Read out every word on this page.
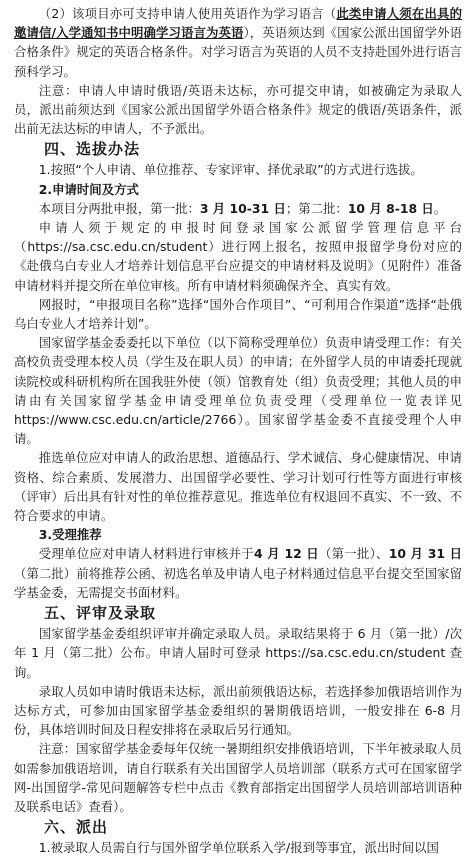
（2）该项目亦可支持申请人使用英语作为学习语言（此类申请人须在出具的邀请信/入学通知书中明确学习语言为英语），英语须达到《国家公派出国留学外语合格条件》规定的英语合格条件。对学习语言为英语的人员不支持赴国外进行语言预科学习。

注意：申请人申请时俄语/英语未达标，亦可提交申请，如被确定为录取人员，派出前须达到《国家公派出国留学外语合格条件》规定的俄语/英语条件，派出前无法达标的申请人，不予派出。

四、选拔办法

1.按照“个人申请、单位推荐、专家评审、择优录取”的方式进行选拔。

2.申请时间及方式

本项目分两批申报，第一批：3 月 10-31 日；第二批：10 月 8-18 日。

申请人须于规定的申报时间登录国家公派留学管理信息平台（https://sa.csc.edu.cn/student）进行网上报名，按照申报留学身份对应的《赴俄乌白专业人才培养计划信息平台应提交的申请材料及说明》（见附件）准备申请材料并提交所在单位审核。所有申请材料须确保齐全、真实有效。

网报时，“申报项目名称”选择“国外合作项目”、“可利用合作渠道”选择“赴俄乌白专业人才培养计划”。

国家留学基金委委托以下单位（以下简称受理单位）负责申请受理工作：有关高校负责受理本校人员（学生及在职人员）的申请；在外留学人员的申请委托现就读院校或科研机构所在国我驻外使（领）馆教育处（组）负责受理；其他人员的申请由有关国家留学基金申请受理单位负责受理（受理单位一览表详见https://www.csc.edu.cn/article/2766）。国家留学基金委不直接受理个人申请。

推选单位应对申请人的政治思想、道德品行、学术诚信、身心健康情况、申请资格、综合素质、发展潜力、出国留学必要性、学习计划可行性等方面进行审核（评审）后出具有针对性的单位推荐意见。推选单位有权退回不真实、不一致、不符合要求的申请。

3.受理推荐

受理单位应对申请人材料进行审核并于4 月 12 日（第一批）、10 月 31 日（第二批）前将推荐公函、初选名单及申请人电子材料通过信息平台提交至国家留学基金委，无需提交书面材料。

五、评审及录取

国家留学基金委组织评审并确定录取人员。录取结果将于 6 月（第一批）/次年 1 月（第二批）公布。申请人届时可登录 https://sa.csc.edu.cn/student 查询。

录取人员如申请时俄语未达标，派出前须俄语达标，若选择参加俄语培训作为达标方式，可参加由国家留学基金委组织的暑期俄语培训，一般安排在 6-8 月份，具体培训时间及日程安排将在录取后另行通知。

注意：国家留学基金委每年仅统一暑期组织安排俄语培训，下半年被录取人员如需参加俄语培训，请自行联系有关出国留学人员培训部（联系方式可在国家留学网-出国留学-常见问题解答专栏中点击《教育部指定出国留学人员培训部培训语种及联系电话》查看）。

六、派出

1.被录取人员需自行与国外留学单位联系入学/报到等事宜，派出时间以国
